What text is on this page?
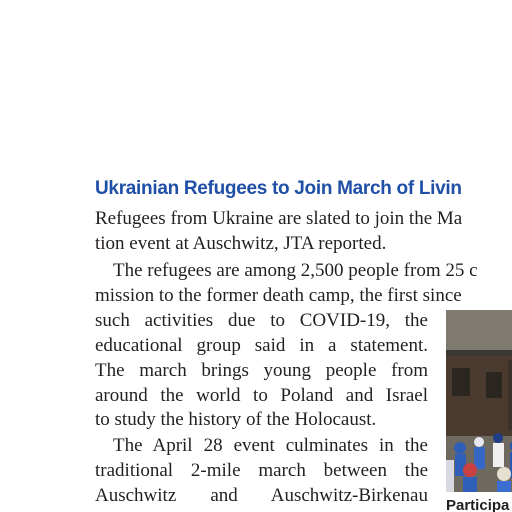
Ukrainian Refugees to Join March of Livin
Refugees from Ukraine are slated to join the Ma
tion event at Auschwitz, JTA reported.
The refugees are among 2,500 people from 25 c
mission to the former death camp, the first since
such activities due to COVID-19, the
educational group said in a statement.
The march brings young people from
around the world to Poland and Israel
to study the history of the Holocaust.
The April 28 event culminates in the
traditional 2-mile march between the
Auschwitz and Auschwitz-Birkenau Participa
